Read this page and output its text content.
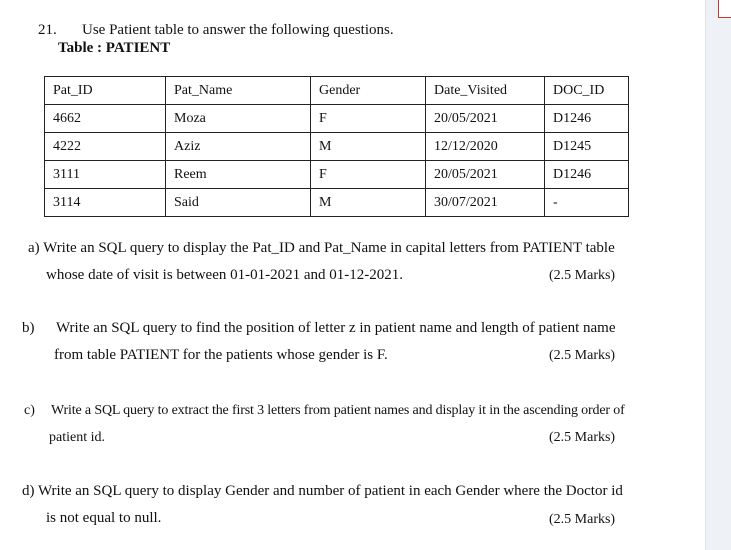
21. Use Patient table to answer the following questions.
Table : PATIENT
Pat_ID	Pat_Name	Gender	Date_Visited	DOC_ID
4662	Moza	F	20/05/2021	D1246
4222	Aziz	M	12/12/2020	D1245
3111	Reem	F	20/05/2021	D1246
3114	Said	M	30/07/2021	-
a) Write an SQL query to display the Pat_ID and Pat_Name in capital letters from PATIENT table
whose date of visit is between 01-01-2021 and 01-12-2021.	(2.5 Marks)
b) Write an SQL query to find the position of letter z in patient name and length of patient name
from table PATIENT for the patients whose gender is F.	(2.5 Marks)
c) Write a SQL query to extract the first 3 letters from patient names and display it in the ascending order of
patient id.	(2.5 Marks)
d) Write an SQL query to display Gender and number of patient in each Gender where the Doctor id
is not equal to null.	(2.5 Marks)
